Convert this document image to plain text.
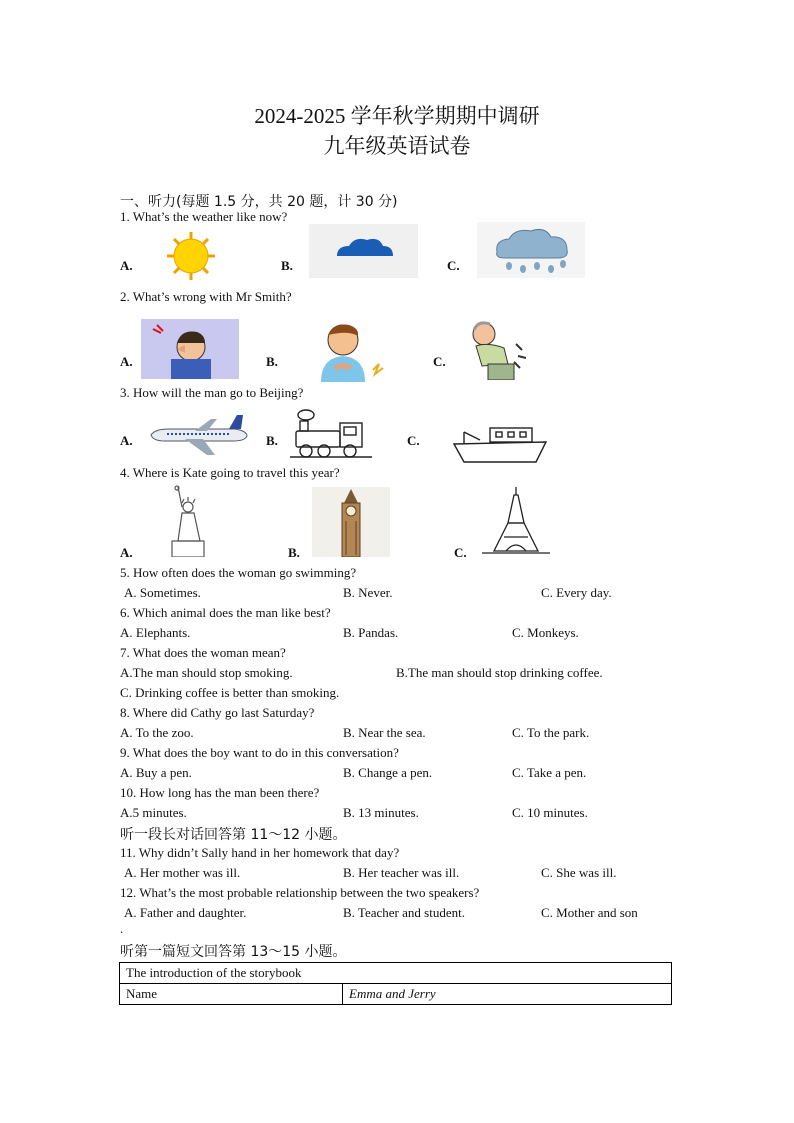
2024-2025 学年秋学期期中调研
九年级英语试卷
一、听力(每题 1.5 分，共 20 题，计 30 分)
1. What’s the weather like now?
A.	B.	C.
2. What’s wrong with Mr Smith?
A.	B.	C.
3. How will the man go to Beijing?
A.	B.	C.
4. Where is Kate going to travel this year?
A.	B.	C.
5. How often does the woman go swimming?
A. Sometimes.	B. Never.	C. Every day.
6. Which animal does the man like best?
A. Elephants.	B. Pandas.	C. Monkeys.
7. What does the woman mean?
A.The man should stop smoking.	B.The man should stop drinking coffee.
C. Drinking coffee is better than smoking.
8. Where did Cathy go last Saturday?
A. To the zoo.	B. Near the sea.	C. To the park.
9. What does the boy want to do in this conversation?
A. Buy a pen.	B. Change a pen.	C. Take a pen.
10. How long has the man been there?
A.5 minutes.	B. 13 minutes.	C. 10 minutes.
听一段长对话回答第 11～12 小题。
11. Why didn’t Sally hand in her homework that day?
A. Her mother was ill.	B. Her teacher was ill.	C. She was ill.
12. What’s the most probable relationship between the two speakers?
A. Father and daughter.	B. Teacher and student.	C. Mother and son
.
听第一篇短文回答第 13～15 小题。
The introduction of the storybook
Name	Emma and Jerry
